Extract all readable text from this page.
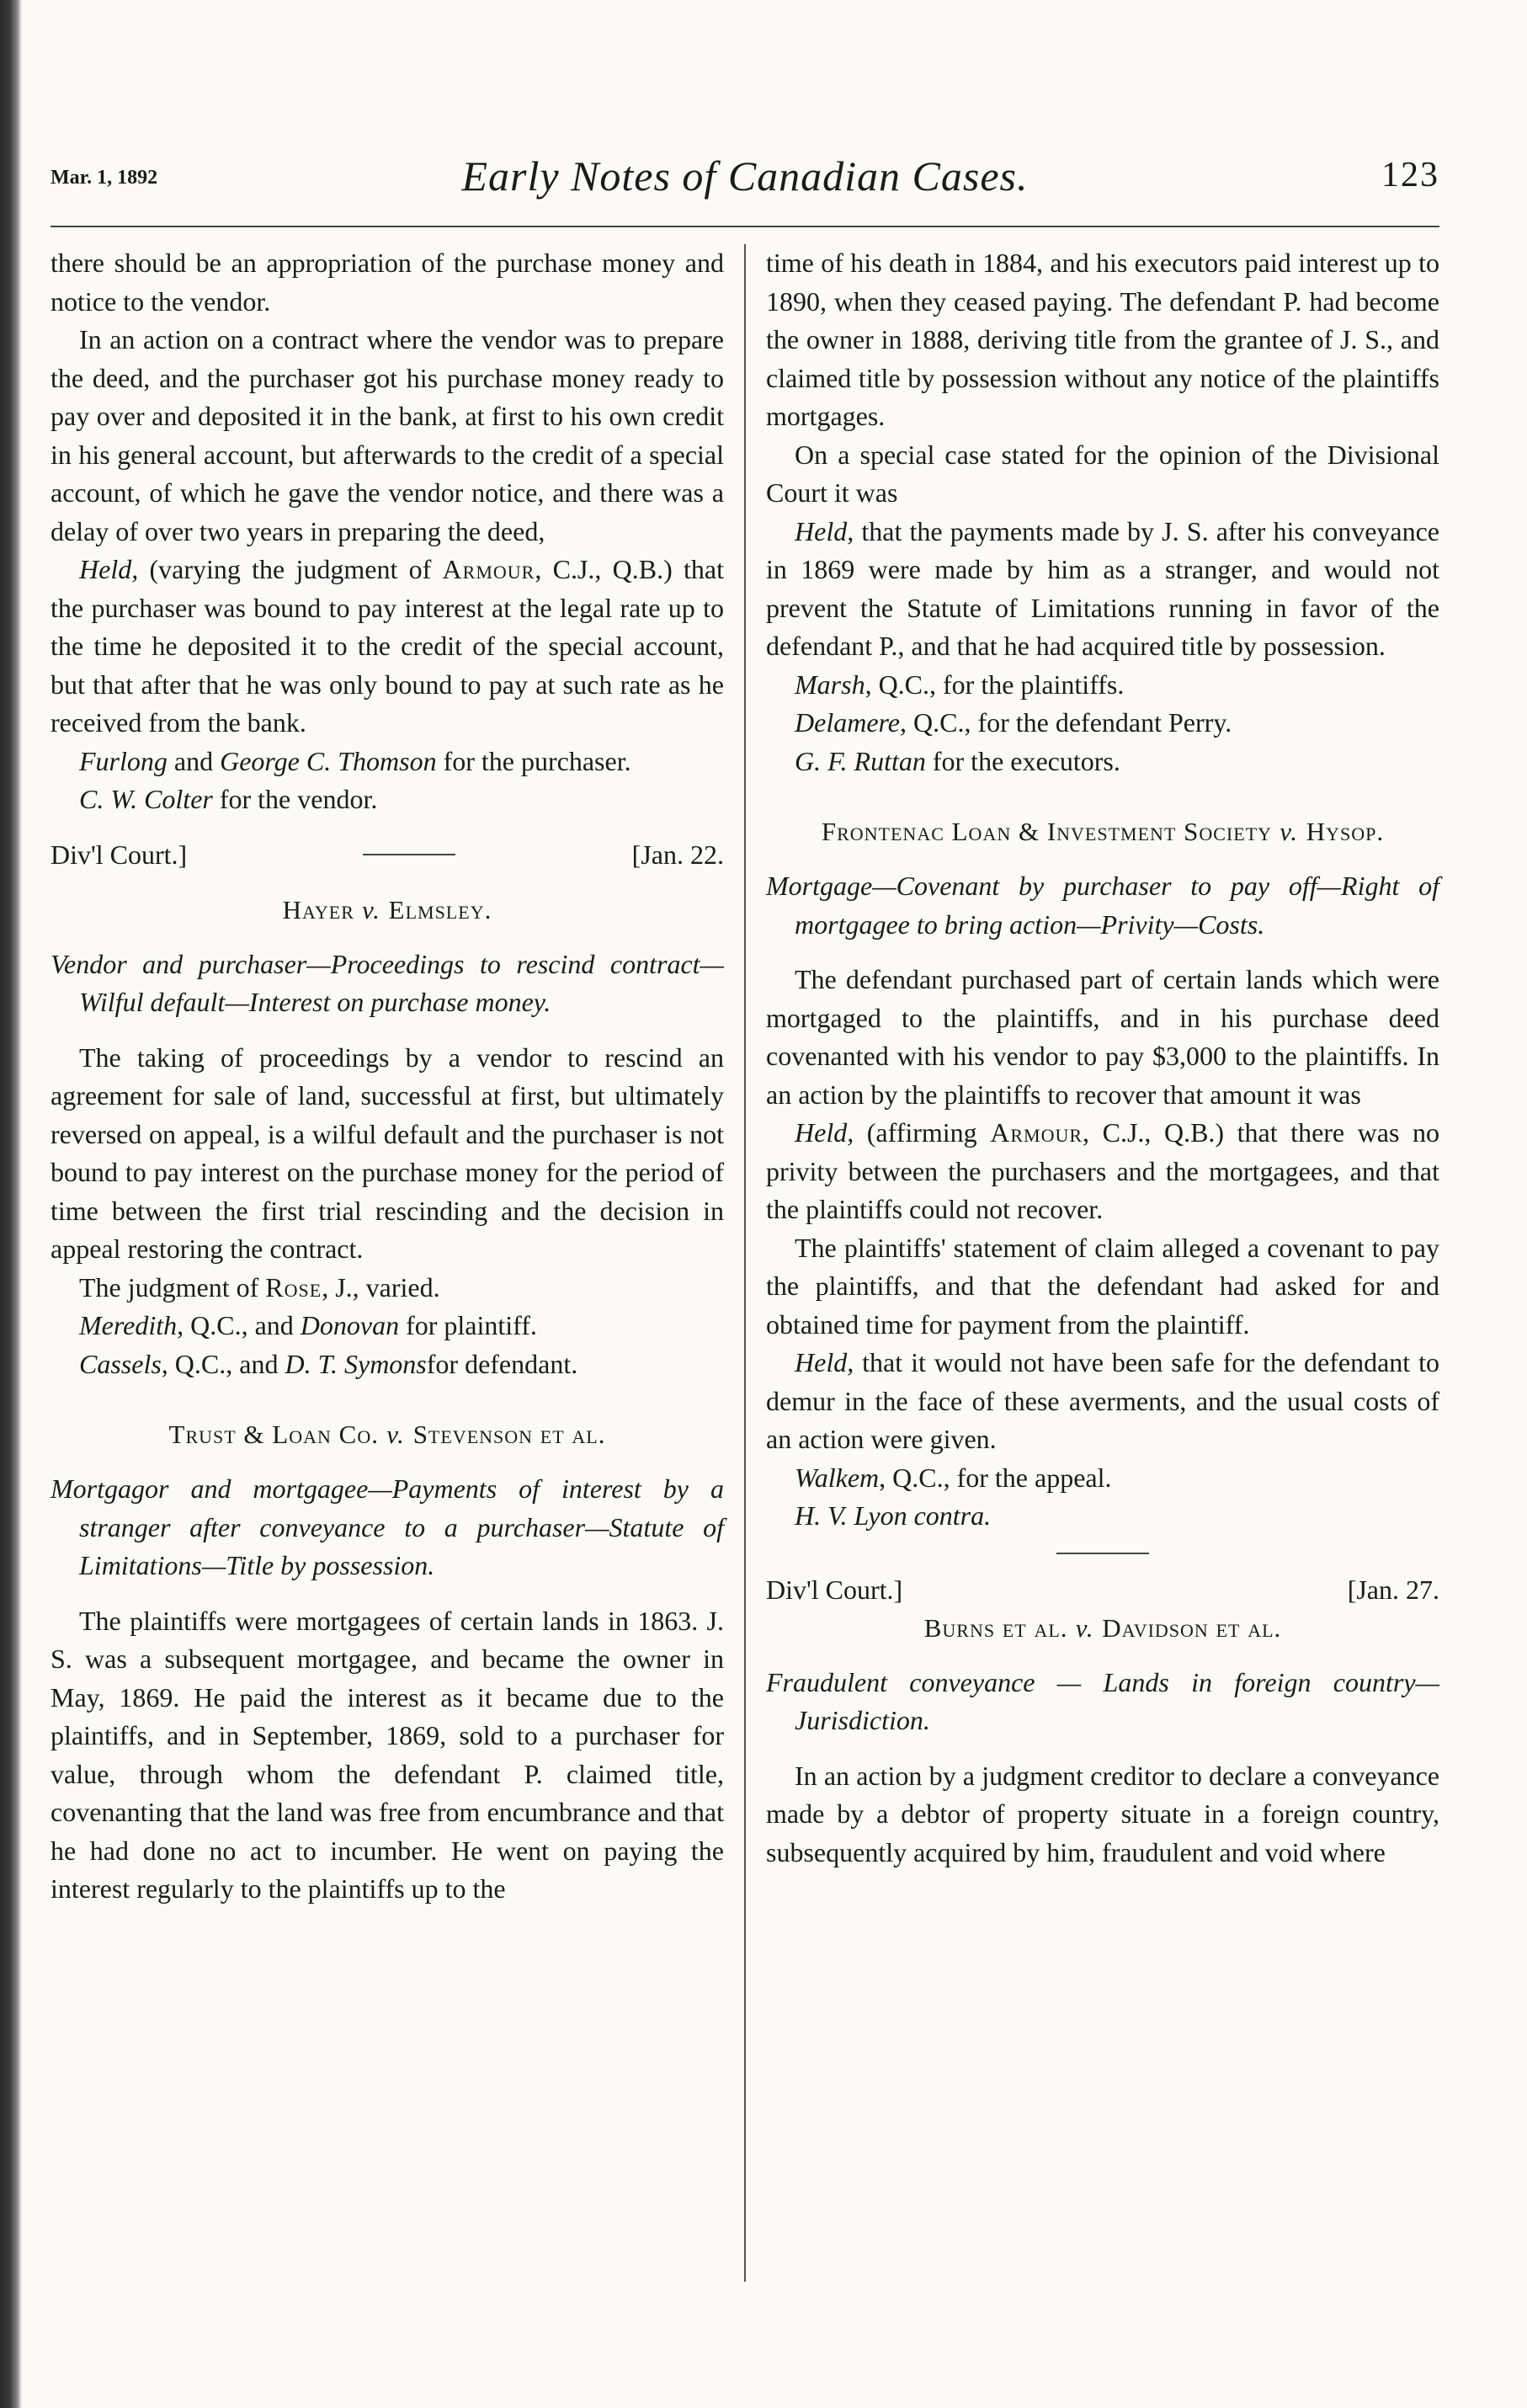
Mar. 1, 1892	Early Notes of Canadian Cases.	123

there should be an appropriation of the purchase money and notice to the vendor.

In an action on a contract where the vendor was to prepare the deed, and the purchaser got his purchase money ready to pay over and deposited it in the bank, at first to his own credit in his general account, but afterwards to the credit of a special account, of which he gave the vendor notice, and there was a delay of over two years in preparing the deed,

Held, (varying the judgment of Armour, C.J., Q.B.) that the purchaser was bound to pay interest at the legal rate up to the time he deposited it to the credit of the special account, but that after that he was only bound to pay at such rate as he received from the bank.

Furlong and George C. Thomson for the purchaser.

C. W. Colter for the vendor.

Div'l Court.]	[Jan. 22.

Hayer v. Elmsley.

Vendor and purchaser—Proceedings to rescind contract—Wilful default—Interest on purchase money.

The taking of proceedings by a vendor to rescind an agreement for sale of land, successful at first, but ultimately reversed on appeal, is a wilful default and the purchaser is not bound to pay interest on the purchase money for the period of time between the first trial rescinding and the decision in appeal restoring the contract.

The judgment of Rose, J., varied.

Meredith, Q.C., and Donovan for plaintiff.

Cassels, Q.C., and D. T. Symonsfor defendant.

Trust & Loan Co. v. Stevenson et al.

Mortgagor and mortgagee—Payments of interest by a stranger after conveyance to a purchaser—Statute of Limitations—Title by possession.

The plaintiffs were mortgagees of certain lands in 1863. J. S. was a subsequent mortgagee, and became the owner in May, 1869. He paid the interest as it became due to the plaintiffs, and in September, 1869, sold to a purchaser for value, through whom the defendant P. claimed title, covenanting that the land was free from encumbrance and that he had done no act to incumber. He went on paying the interest regularly to the plaintiffs up to the

time of his death in 1884, and his executors paid interest up to 1890, when they ceased paying. The defendant P. had become the owner in 1888, deriving title from the grantee of J. S., and claimed title by possession without any notice of the plaintiffs mortgages.

On a special case stated for the opinion of the Divisional Court it was

Held, that the payments made by J. S. after his conveyance in 1869 were made by him as a stranger, and would not prevent the Statute of Limitations running in favor of the defendant P., and that he had acquired title by possession.

Marsh, Q.C., for the plaintiffs.

Delamere, Q.C., for the defendant Perry.

G. F. Ruttan for the executors.

Frontenac Loan & Investment Society v. Hysop.

Mortgage—Covenant by purchaser to pay off—Right of mortgagee to bring action—Privity—Costs.

The defendant purchased part of certain lands which were mortgaged to the plaintiffs, and in his purchase deed covenanted with his vendor to pay $3,000 to the plaintiffs. In an action by the plaintiffs to recover that amount it was

Held, (affirming Armour, C.J., Q.B.) that there was no privity between the purchasers and the mortgagees, and that the plaintiffs could not recover.

The plaintiffs' statement of claim alleged a covenant to pay the plaintiffs, and that the defendant had asked for and obtained time for payment from the plaintiff.

Held, that it would not have been safe for the defendant to demur in the face of these averments, and the usual costs of an action were given.

Walkem, Q.C., for the appeal.

H. V. Lyon contra.

Div'l Court.]	[Jan. 27.

Burns et al. v. Davidson et al.

Fraudulent conveyance — Lands in foreign country—Jurisdiction.

In an action by a judgment creditor to declare a conveyance made by a debtor of property situate in a foreign country, subsequently acquired by him, fraudulent and void where
